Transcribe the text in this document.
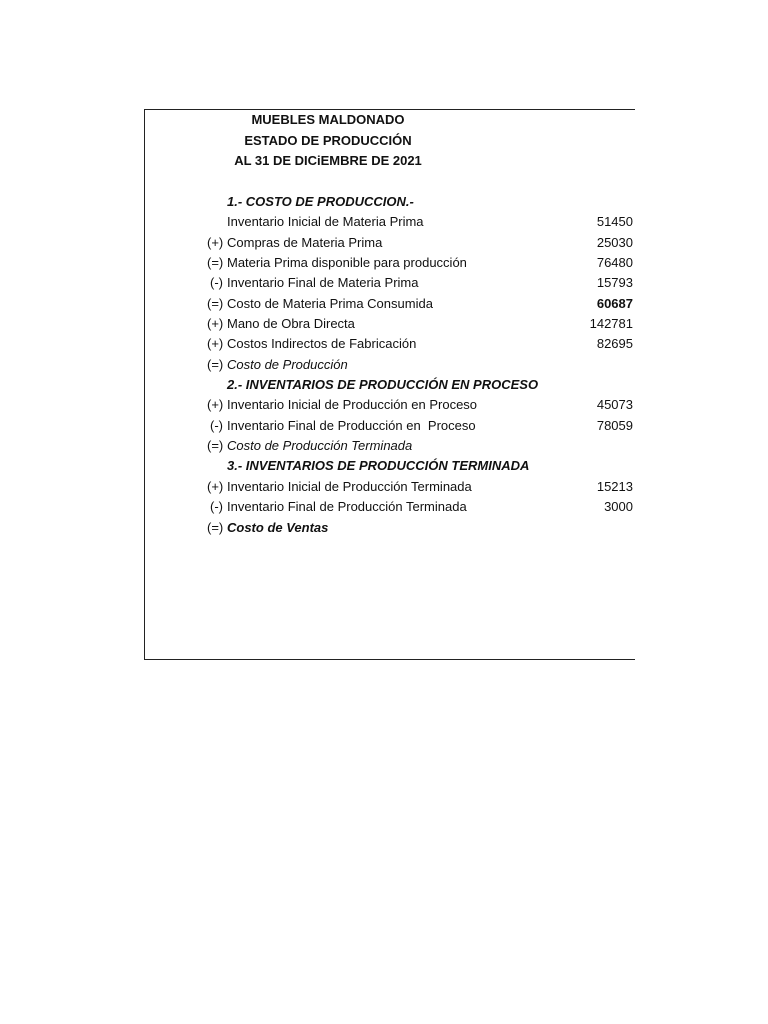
MUEBLES MALDONADO
ESTADO DE PRODUCCIÓN
AL 31 DE DICiEMBRE DE 2021
1.- COSTO DE PRODUCCION.-
Inventario Inicial de Materia Prima	51450
(+) Compras de Materia Prima	25030
(=) Materia Prima disponible para producción	76480
(-) Inventario Final de Materia Prima	15793
(=) Costo de Materia Prima Consumida	60687
(+) Mano de Obra Directa	142781
(+) Costos Indirectos de Fabricación	82695
(=) Costo de Producción
2.- INVENTARIOS DE PRODUCCIÓN EN PROCESO
(+) Inventario Inicial de Producción en Proceso	45073
(-) Inventario Final de Producción en  Proceso	78059
(=) Costo de Producción Terminada
3.- INVENTARIOS DE PRODUCCIÓN TERMINADA
(+) Inventario Inicial de Producción Terminada	15213
(-) Inventario Final de Producción Terminada	3000
(=) Costo de Ventas
